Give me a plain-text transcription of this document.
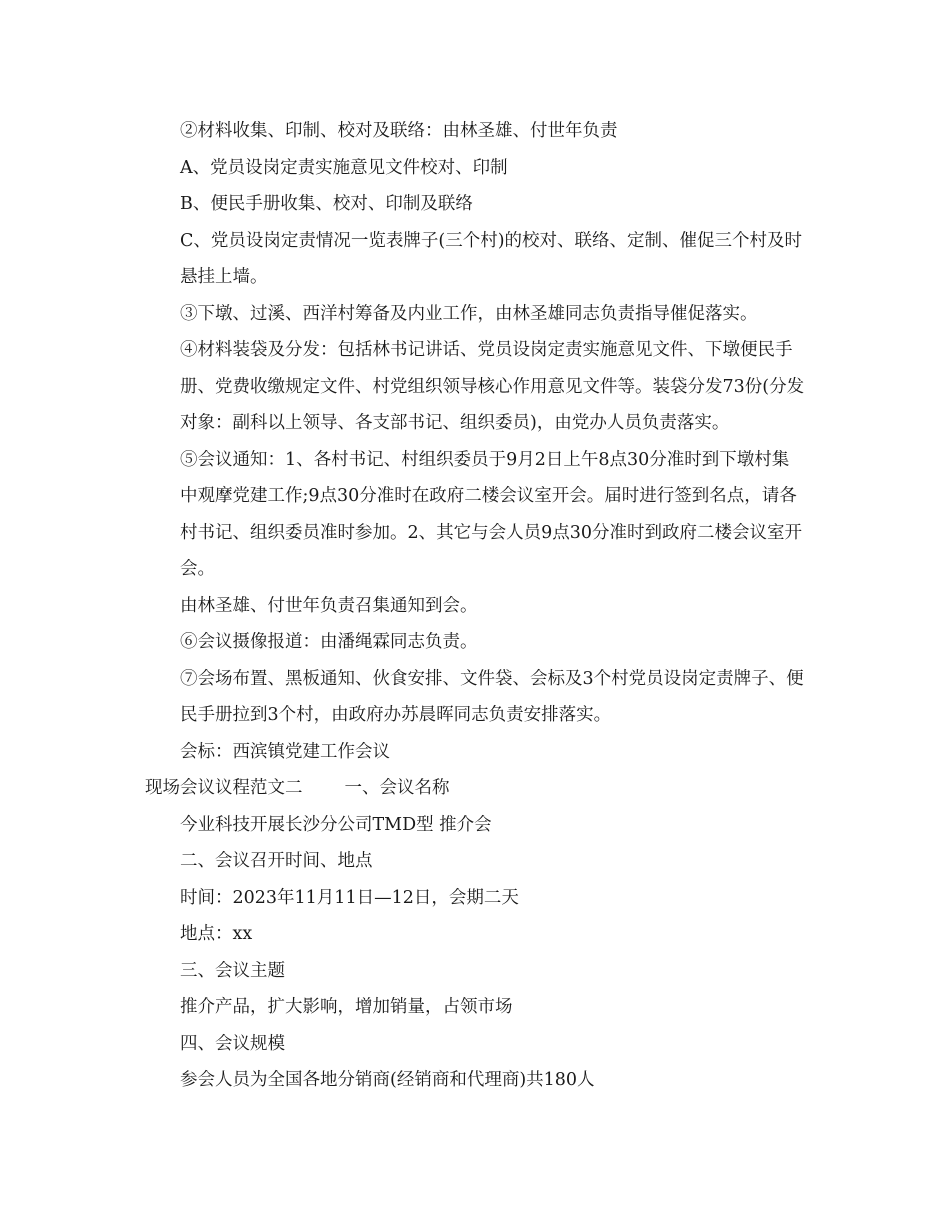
②材料收集、印制、校对及联络：由林圣雄、付世年负责

A、党员设岗定责实施意见文件校对、印制

B、便民手册收集、校对、印制及联络

C、党员设岗定责情况一览表牌子(三个村)的校对、联络、定制、催促三个村及时悬挂上墙。

③下墩、过溪、西洋村筹备及内业工作，由林圣雄同志负责指导催促落实。

④材料装袋及分发：包括林书记讲话、党员设岗定责实施意见文件、下墩便民手册、党费收缴规定文件、村党组织领导核心作用意见文件等。装袋分发73份(分发对象：副科以上领导、各支部书记、组织委员)，由党办人员负责落实。

⑤会议通知：1、各村书记、村组织委员于9月2日上午8点30分准时到下墩村集中观摩党建工作;9点30分准时在政府二楼会议室开会。届时进行签到名点，请各村书记、组织委员准时参加。2、其它与会人员9点30分准时到政府二楼会议室开会。

由林圣雄、付世年负责召集通知到会。

⑥会议摄像报道：由潘绳霖同志负责。

⑦会场布置、黑板通知、伙食安排、文件袋、会标及3个村党员设岗定责牌子、便民手册拉到3个村，由政府办苏晨晖同志负责安排落实。

会标：西滨镇党建工作会议

现场会议议程范文二 一、会议名称

今业科技开展长沙分公司TMD型 推介会

二、会议召开时间、地点

时间：2023年11月11日—12日，会期二天

地点：xx

三、会议主题

推介产品，扩大影响，增加销量，占领市场

四、会议规模

参会人员为全国各地分销商(经销商和代理商)共180人
